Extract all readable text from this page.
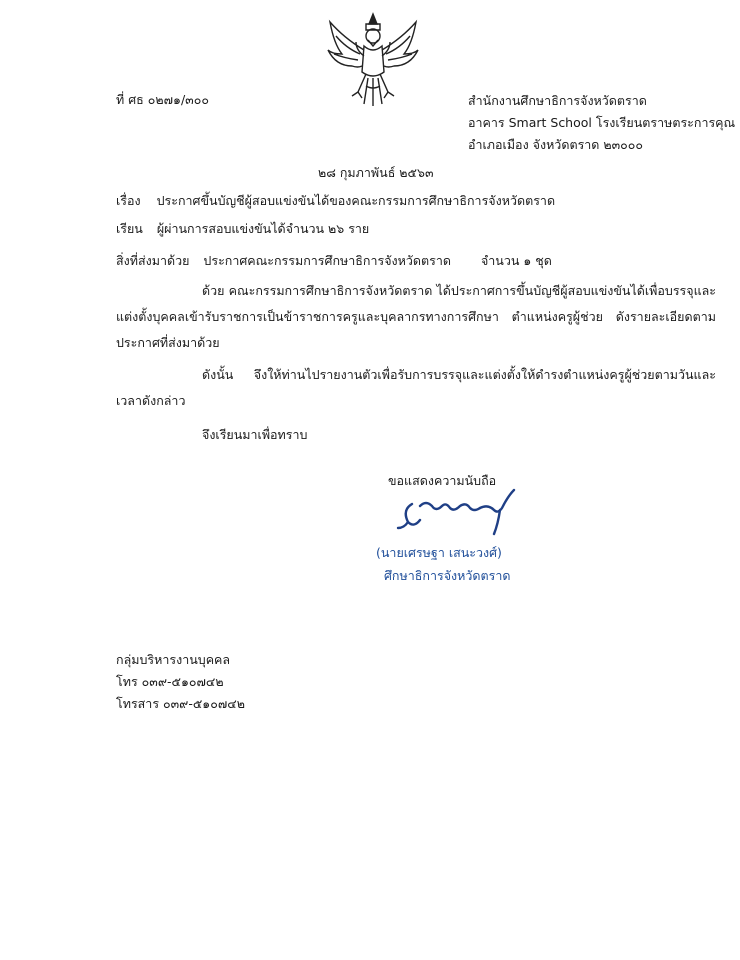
ที่ ศธ ๐๒๗๑/๓๐๐	สำนักงานศึกษาธิการจังหวัดตราด
อาคาร Smart School โรงเรียนตราษตระการคุณ
อำเภอเมือง จังหวัดตราด ๒๓๐๐๐
๒๘ กุมภาพันธ์ ๒๕๖๓
เรื่อง ประกาศขึ้นบัญชีผู้สอบแข่งขันได้ของคณะกรรมการศึกษาธิการจังหวัดตราด
เรียน ผู้ผ่านการสอบแข่งขันได้จำนวน ๒๖ ราย
สิ่งที่ส่งมาด้วย ประกาศคณะกรรมการศึกษาธิการจังหวัดตราด จำนวน ๑ ชุด
ด้วย คณะกรรมการศึกษาธิการจังหวัดตราด ได้ประกาศการขึ้นบัญชีผู้สอบแข่งขันได้เพื่อบรรจุและแต่งตั้งบุคคลเข้ารับราชการเป็นข้าราชการครูและบุคลากรทางการศึกษา ตำแหน่งครูผู้ช่วย ดังรายละเอียดตามประกาศที่ส่งมาด้วย
ดังนั้น จึงให้ท่านไปรายงานตัวเพื่อรับการบรรจุและแต่งตั้งให้ดำรงตำแหน่งครูผู้ช่วยตามวันและเวลาดังกล่าว
จึงเรียนมาเพื่อทราบ
ขอแสดงความนับถือ
(นายเศรษฐา เสนะวงศ์)
ศึกษาธิการจังหวัดตราด
กลุ่มบริหารงานบุคคล
โทร ๐๓๙-๕๑๐๗๔๒
โทรสาร ๐๓๙-๕๑๐๗๔๒
